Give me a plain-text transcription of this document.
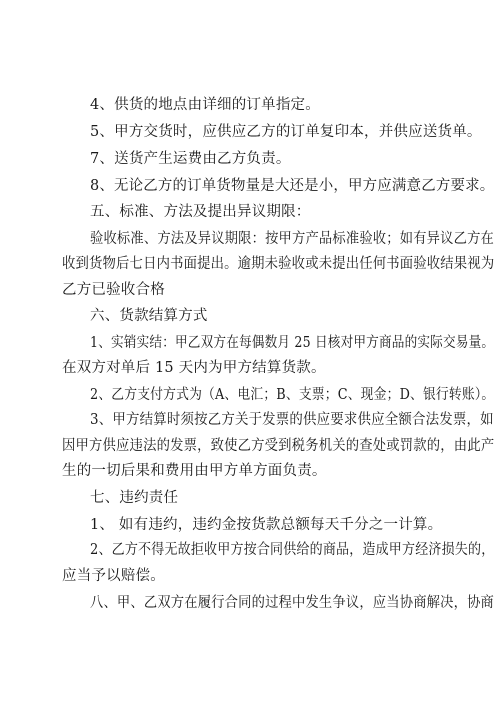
4、供货的地点由详细的订单指定。
5、甲方交货时，应供应乙方的订单复印本，并供应送货单。
7、送货产生运费由乙方负责。
8、无论乙方的订单货物量是大还是小，甲方应满意乙方要求。
五、标准、方法及提出异议期限：
验收标准、方法及异议期限：按甲方产品标准验收；如有异议乙方在
收到货物后七日内书面提出。逾期未验收或未提出任何书面验收结果视为
乙方已验收合格
六、货款结算方式
1、实销实结：甲乙双方在每偶数月 25 日核对甲方商品的实际交易量。
在双方对单后 15 天内为甲方结算货款。
2、乙方支付方式为（A、电汇；B、支票；C、现金；D、银行转账）。
3、甲方结算时须按乙方关于发票的供应要求供应全额合法发票，如
因甲方供应违法的发票，致使乙方受到税务机关的查处或罚款的，由此产
生的一切后果和费用由甲方单方面负责。
七、违约责任
1、 如有违约，违约金按货款总额每天千分之一计算。
2、乙方不得无故拒收甲方按合同供给的商品，造成甲方经济损失的，
应当予以赔偿。
八、甲、乙双方在履行合同的过程中发生争议，应当协商解决，协商
